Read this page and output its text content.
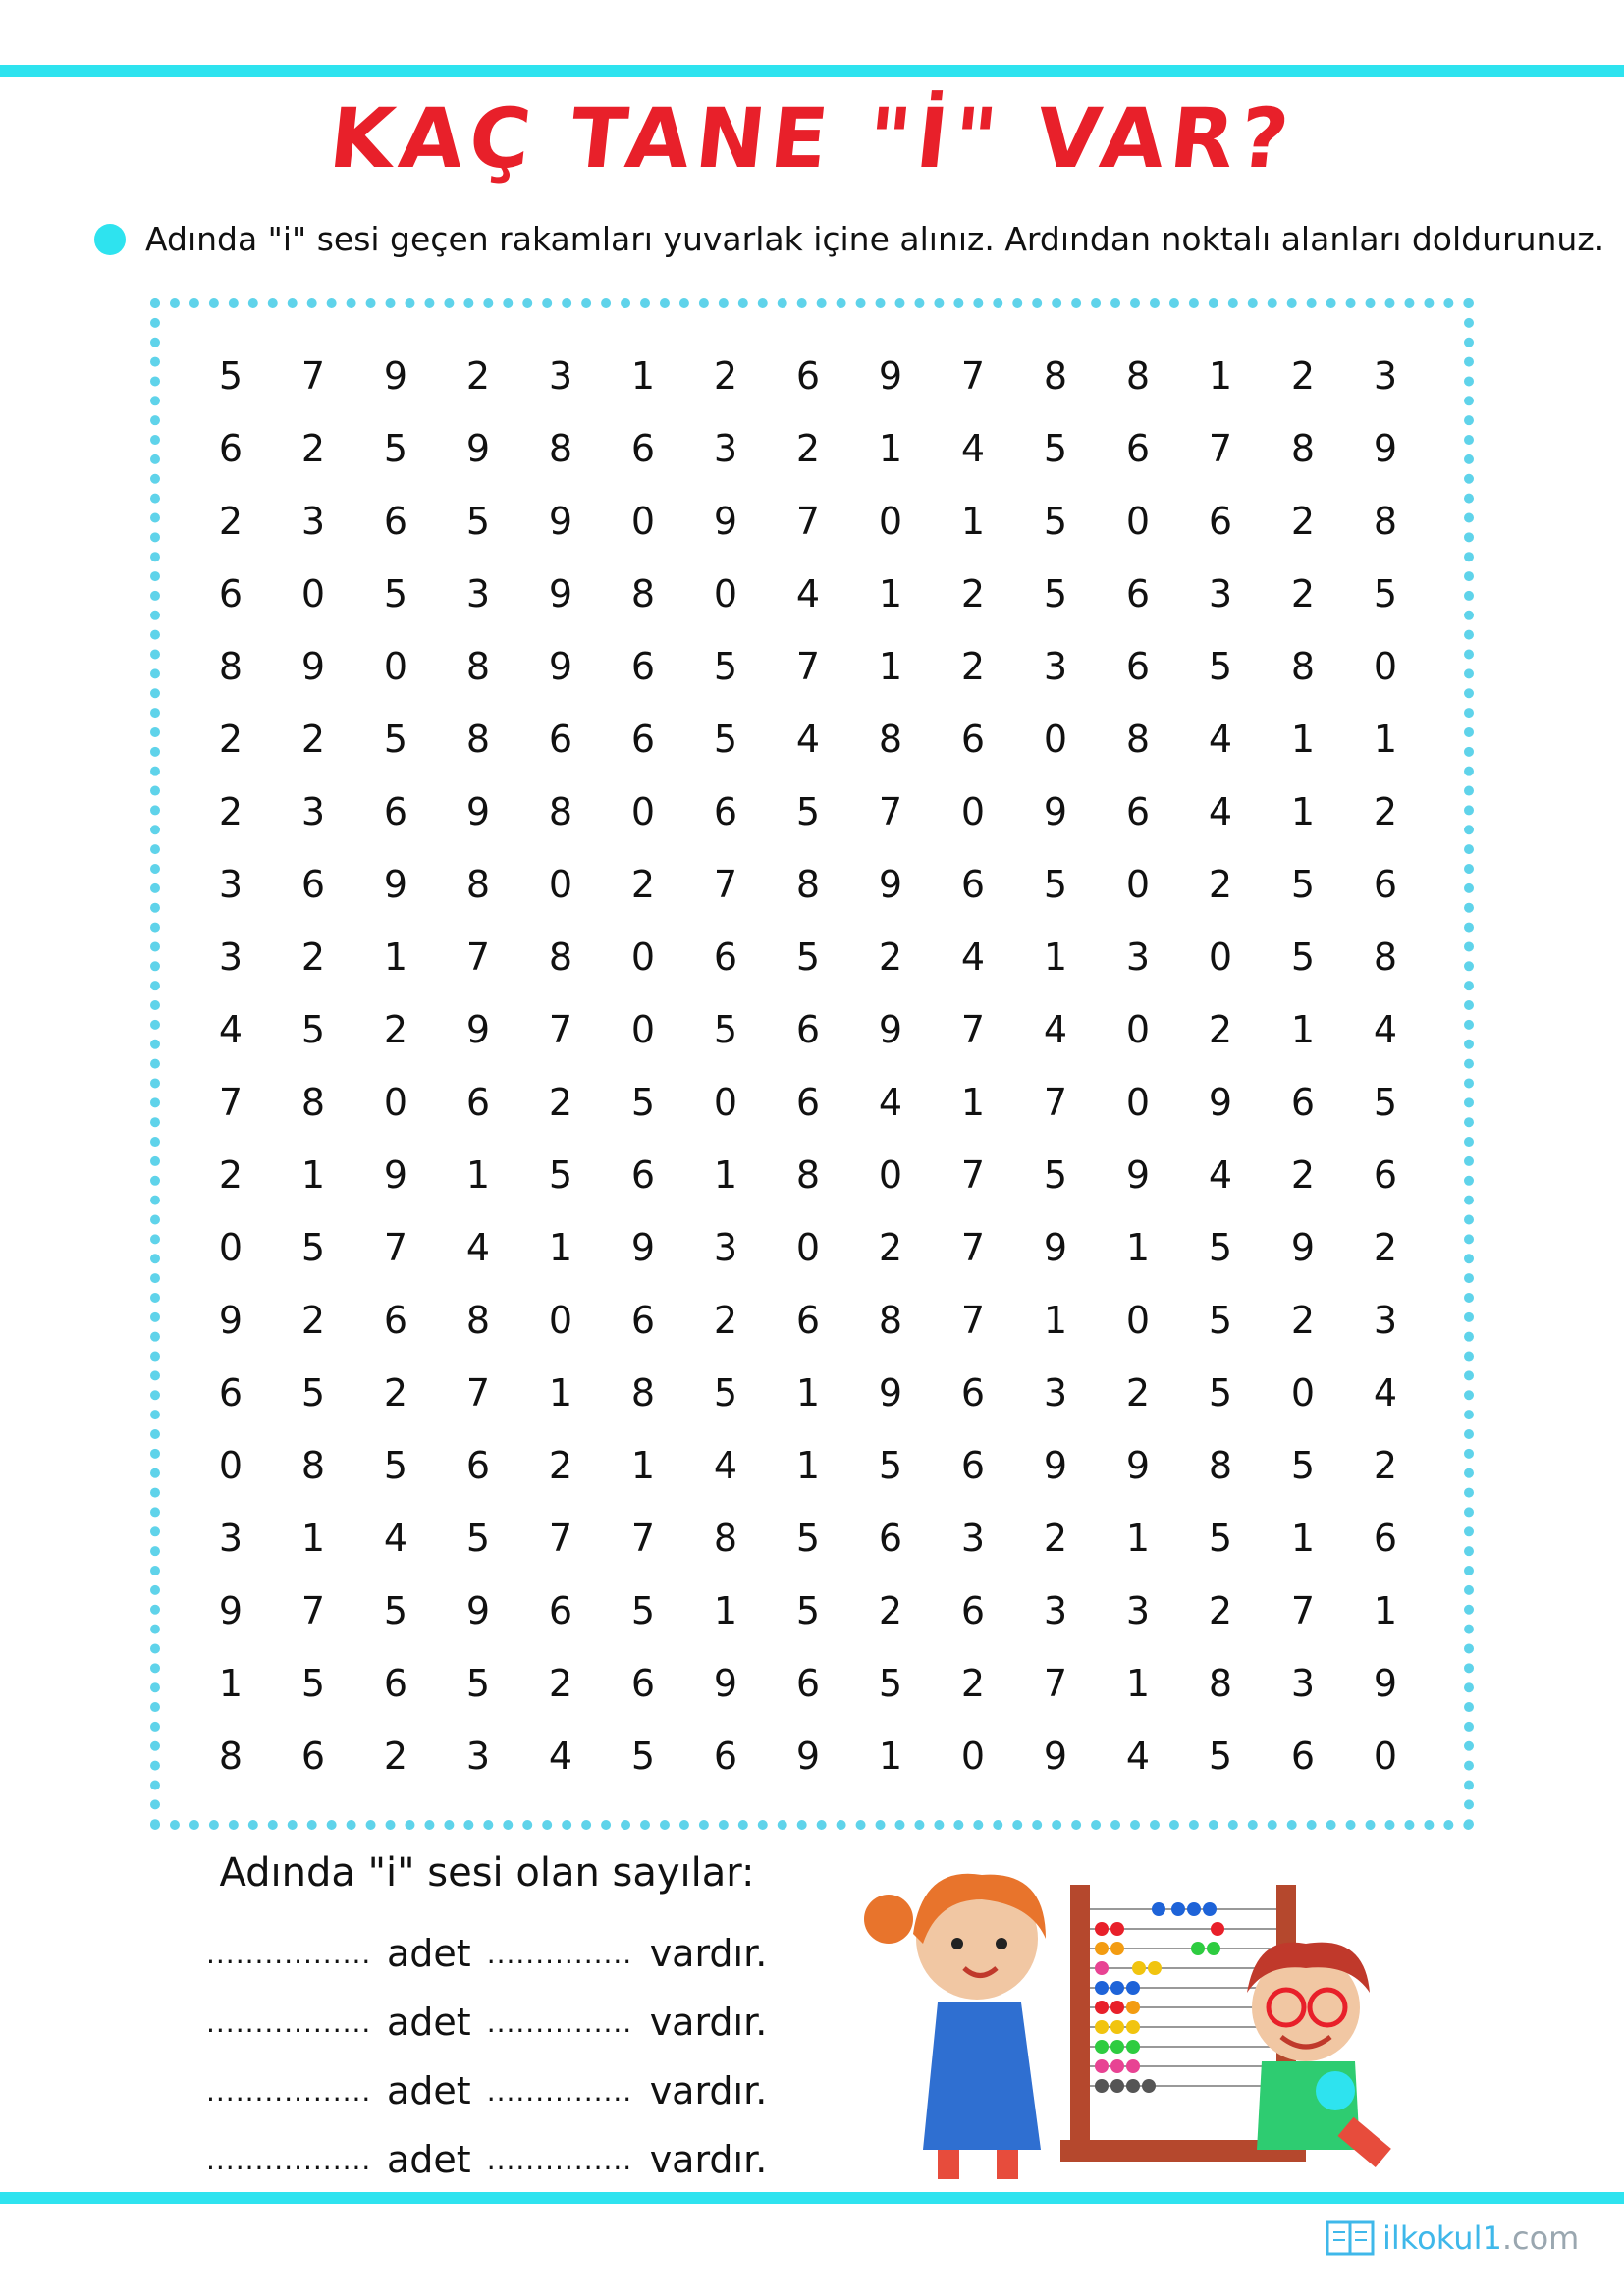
KAÇ TANE "İ" VAR?
Adında "i" sesi geçen rakamları yuvarlak içine alınız. Ardından noktalı alanları doldurunuz.
5	7	9	2	3	1	2	6	9	7	8	8	1	2	3
6	2	5	9	8	6	3	2	1	4	5	6	7	8	9
2	3	6	5	9	0	9	7	0	1	5	0	6	2	8
6	0	5	3	9	8	0	4	1	2	5	6	3	2	5
8	9	0	8	9	6	5	7	1	2	3	6	5	8	0
2	2	5	8	6	6	5	4	8	6	0	8	4	1	1
2	3	6	9	8	0	6	5	7	0	9	6	4	1	2
3	6	9	8	0	2	7	8	9	6	5	0	2	5	6
3	2	1	7	8	0	6	5	2	4	1	3	0	5	8
4	5	2	9	7	0	5	6	9	7	4	0	2	1	4
7	8	0	6	2	5	0	6	4	1	7	0	9	6	5
2	1	9	1	5	6	1	8	0	7	5	9	4	2	6
0	5	7	4	1	9	3	0	2	7	9	1	5	9	2
9	2	6	8	0	6	2	6	8	7	1	0	5	2	3
6	5	2	7	1	8	5	1	9	6	3	2	5	0	4
0	8	5	6	2	1	4	1	5	6	9	9	8	5	2
3	1	4	5	7	7	8	5	6	3	2	1	5	1	6
9	7	5	9	6	5	1	5	2	6	3	3	2	7	1
1	5	6	5	2	6	9	6	5	2	7	1	8	3	9
8	6	2	3	4	5	6	9	1	0	9	4	5	6	0
Adında "i" sesi olan sayılar:
................. adet ............... vardır.
................. adet ............... vardır.
................. adet ............... vardır.
................. adet ............... vardır.
ilkokul1 .com
